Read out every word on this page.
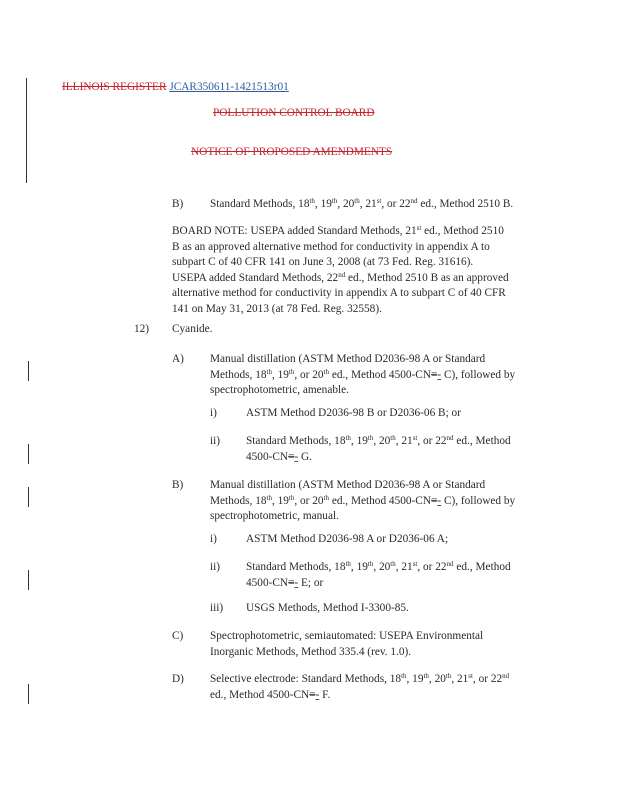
ILLINOIS REGISTER JCAR350611-1421513r01
POLLUTION CONTROL BOARD
NOTICE OF PROPOSED AMENDMENTS
B) Standard Methods, 18th, 19th, 20th, 21st, or 22nd ed., Method 2510 B.
BOARD NOTE: USEPA added Standard Methods, 21st ed., Method 2510
B as an approved alternative method for conductivity in appendix A to
subpart C of 40 CFR 141 on June 3, 2008 (at 73 Fed. Reg. 31616).
USEPA added Standard Methods, 22nd ed., Method 2510 B as an approved
alternative method for conductivity in appendix A to subpart C of 40 CFR
141 on May 31, 2013 (at 78 Fed. Reg. 32558).
12) Cyanide.
A) Manual distillation (ASTM Method D2036-98 A or Standard
Methods, 18th, 19th, or 20th ed., Method 4500-CN=- C), followed by
spectrophotometric, amenable.
i)	ASTM Method D2036-98 B or D2036-06 B; or
ii) Standard Methods, 18th, 19th, 20th, 21st, or 22nd ed., Method
4500-CN=- G.
B) Manual distillation (ASTM Method D2036-98 A or Standard
Methods, 18th, 19th, or 20th ed., Method 4500-CN=- C), followed by
spectrophotometric, manual.
i)	ASTM Method D2036-98 A or D2036-06 A;
ii) Standard Methods, 18th, 19th, 20th, 21st, or 22nd ed., Method
4500-CN=- E; or
iii) USGS Methods, Method I-3300-85.
C) Spectrophotometric, semiautomated: USEPA Environmental
Inorganic Methods, Method 335.4 (rev. 1.0).
D) Selective electrode: Standard Methods, 18th, 19th, 20th, 21st, or 22nd
ed., Method 4500-CN=- F.
